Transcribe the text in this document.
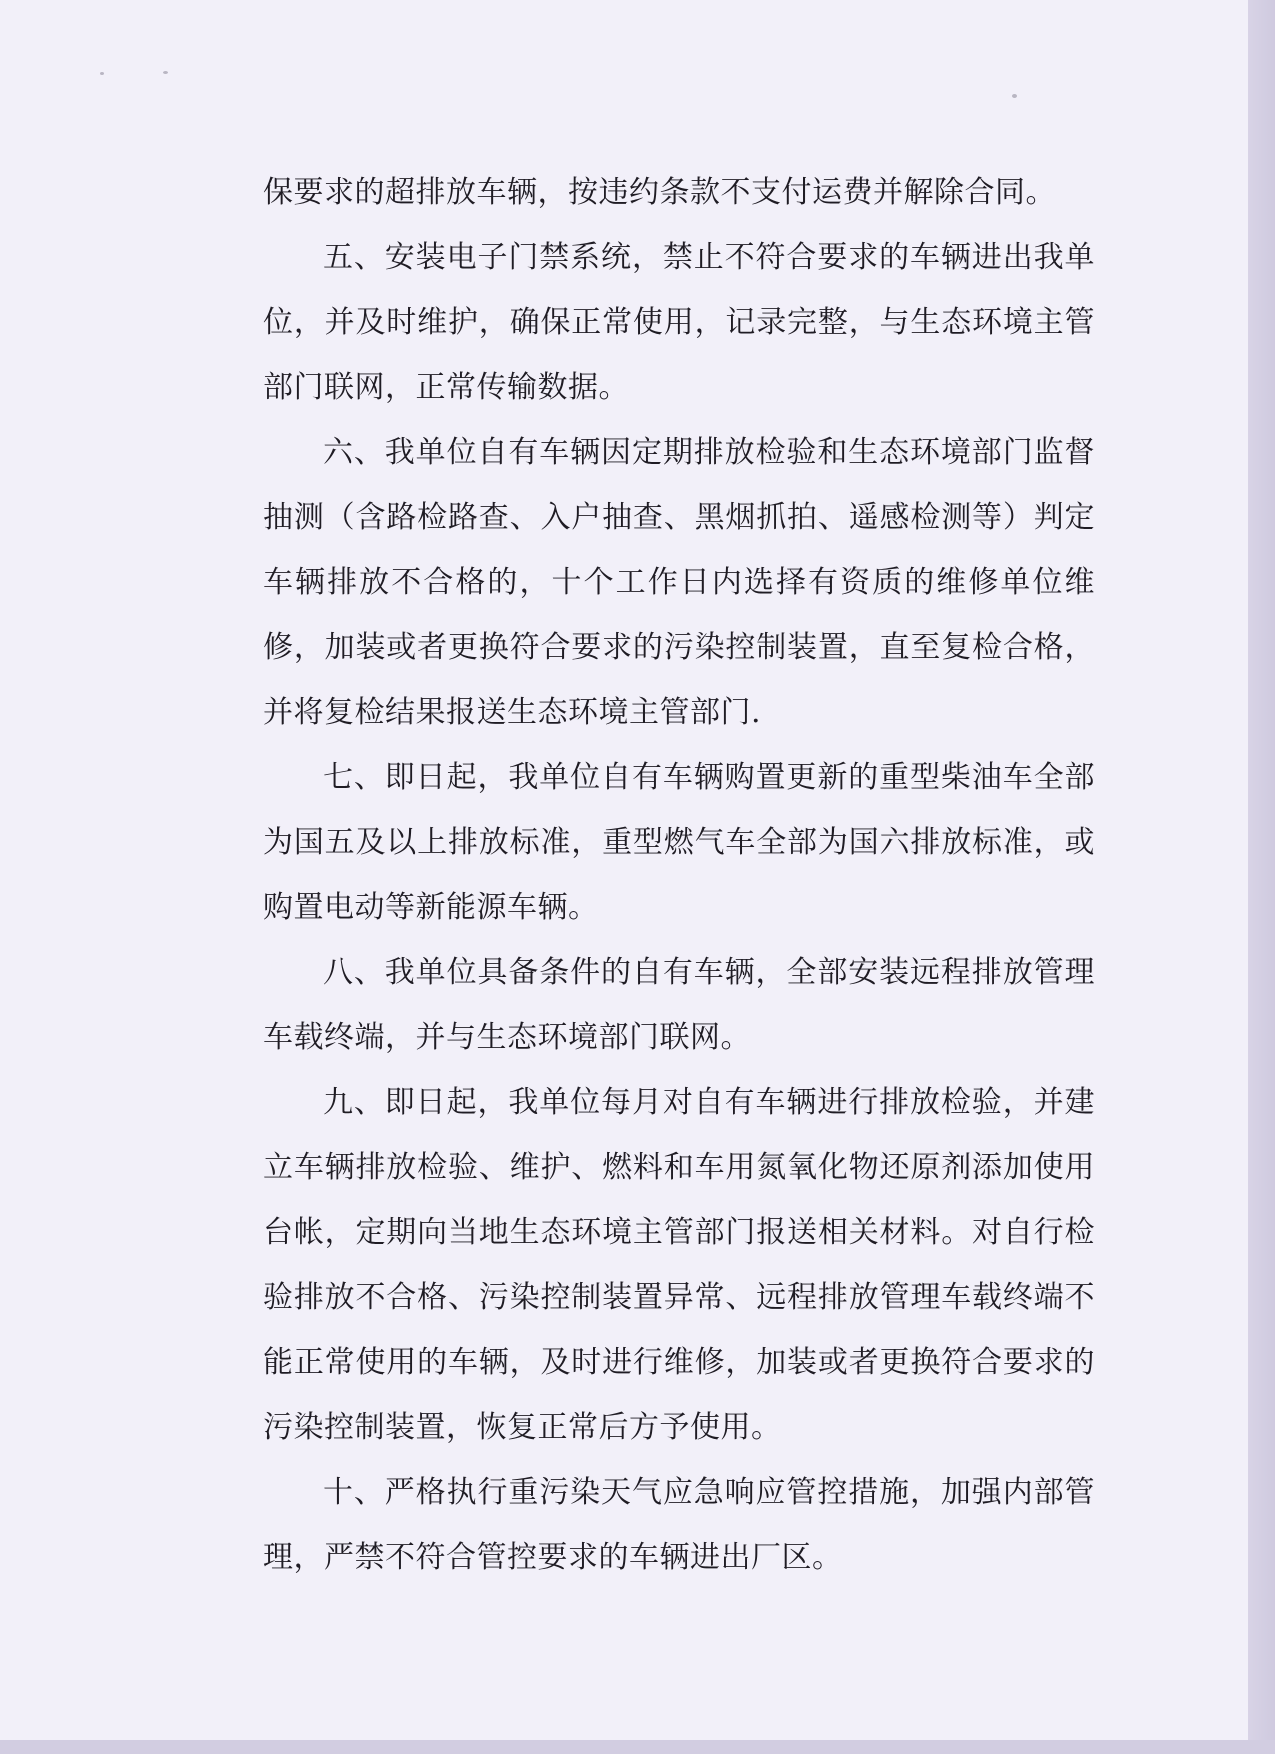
保要求的超排放车辆，按违约条款不支付运费并解除合同。

五、安装电子门禁系统，禁止不符合要求的车辆进出我单位，并及时维护，确保正常使用，记录完整，与生态环境主管部门联网，正常传输数据。

六、我单位自有车辆因定期排放检验和生态环境部门监督抽测（含路检路查、入户抽查、黑烟抓拍、遥感检测等）判定车辆排放不合格的，十个工作日内选择有资质的维修单位维修，加装或者更换符合要求的污染控制装置，直至复检合格，并将复检结果报送生态环境主管部门.

七、即日起，我单位自有车辆购置更新的重型柴油车全部为国五及以上排放标准，重型燃气车全部为国六排放标准，或购置电动等新能源车辆。

八、我单位具备条件的自有车辆，全部安装远程排放管理车载终端，并与生态环境部门联网。

九、即日起，我单位每月对自有车辆进行排放检验，并建立车辆排放检验、维护、燃料和车用氮氧化物还原剂添加使用台帐，定期向当地生态环境主管部门报送相关材料。对自行检验排放不合格、污染控制装置异常、远程排放管理车载终端不能正常使用的车辆，及时进行维修，加装或者更换符合要求的污染控制装置，恢复正常后方予使用。

十、严格执行重污染天气应急响应管控措施，加强内部管理，严禁不符合管控要求的车辆进出厂区。
